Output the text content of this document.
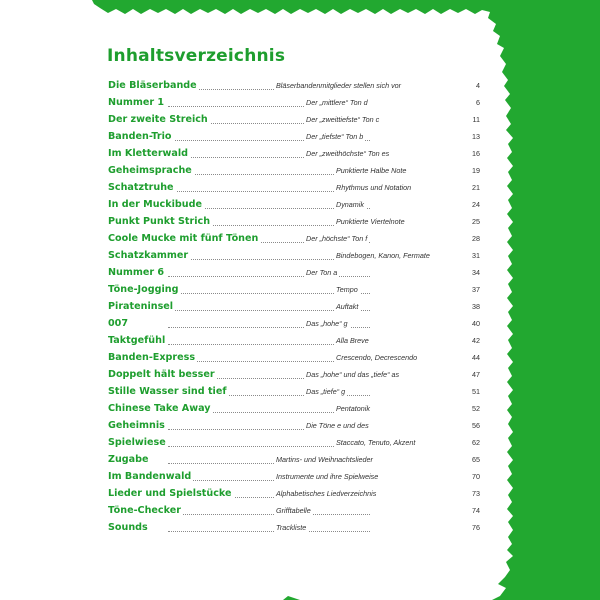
Inhaltsverzeichnis
Die Bläserbande	Bläserbandenmitglieder stellen sich vor	4
Nummer 1	Der „mittlere“ Ton d	6
Der zweite Streich	Der „zweittiefste“ Ton c	11
Banden-Trio	Der „tiefste“ Ton b	13
Im Kletterwald	Der „zweithöchste“ Ton es	16
Geheimsprache	Punktierte Halbe Note	19
Schatztruhe	Rhythmus und Notation	21
In der Muckibude	Dynamik	24
Punkt Punkt Strich	Punktierte Viertelnote	25
Coole Mucke mit fünf Tönen	Der „höchste“ Ton f	28
Schatzkammer	Bindebogen, Kanon, Fermate	31
Nummer 6	Der Ton a	34
Töne-Jogging	Tempo	37
Pirateninsel	Auftakt	38
007	Das „hohe“ g	40
Taktgefühl	Alla Breve	42
Banden-Express	Crescendo, Decrescendo	44
Doppelt hält besser	Das „hohe“ und das „tiefe“ as	47
Stille Wasser sind tief	Das „tiefe“ g	51
Chinese Take Away	Pentatonik	52
Geheimnis	Die Töne e und des	56
Spielwiese	Staccato, Tenuto, Akzent	62
Zugabe	Martins- und Weihnachtslieder	65
Im Bandenwald	Instrumente und ihre Spielweise	70
Lieder und Spielstücke	Alphabetisches Liedverzeichnis	73
Töne-Checker	Grifftabelle	74
Sounds	Trackliste	76
